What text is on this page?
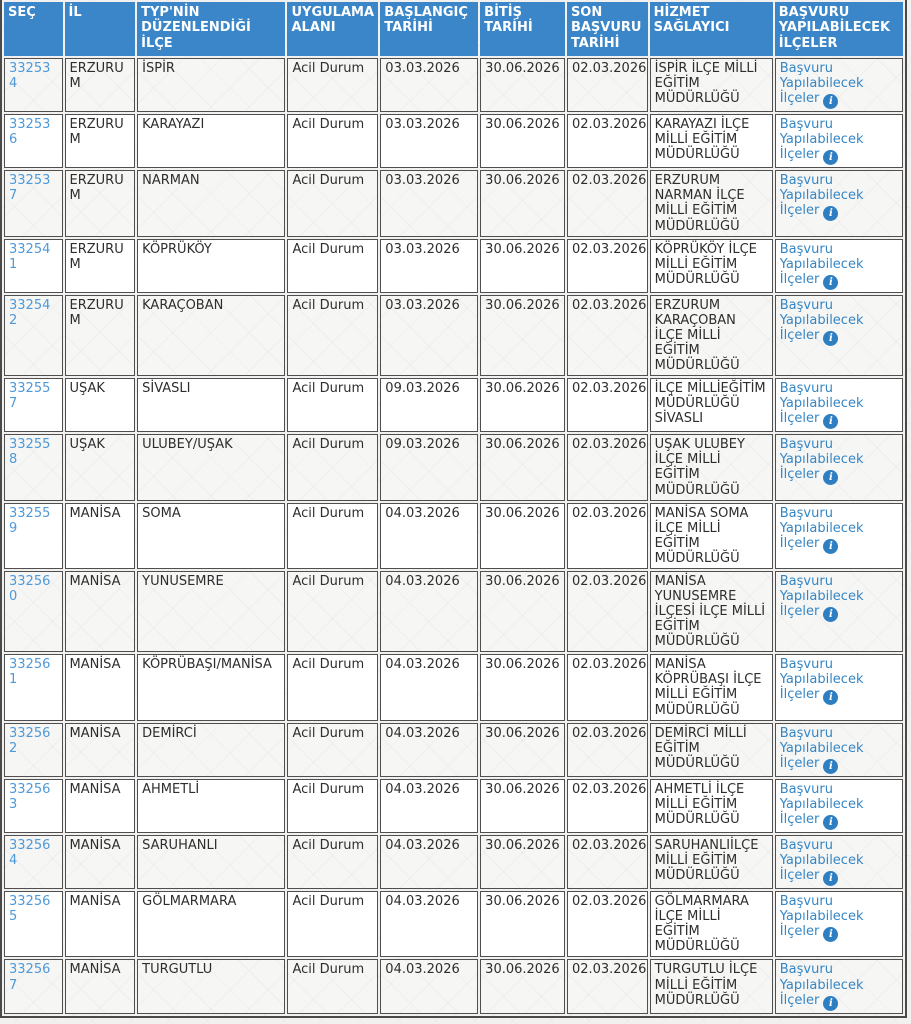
SEÇ	İL	TYP'NİN DÜZENLENDİĞİ İLÇE	UYGULAMA ALANI	BAŞLANGIÇ TARİHİ	BİTİŞ TARİHİ	SON BAŞVURU TARİHİ	HİZMET SAĞLAYICI	BAŞVURU YAPILABİLECEK İLÇELER
332534	ERZURUM	İSPİR	Acil Durum	03.03.2026	30.06.2026	02.03.2026	İSPİR İLÇE MİLLİ EĞİTİM MÜDÜRLÜĞÜ	Başvuru Yapılabilecek İlçeler i
332536	ERZURUM	KARAYAZI	Acil Durum	03.03.2026	30.06.2026	02.03.2026	KARAYAZI İLÇE MİLLİ EĞİTİM MÜDÜRLÜĞÜ	Başvuru Yapılabilecek İlçeler i
332537	ERZURUM	NARMAN	Acil Durum	03.03.2026	30.06.2026	02.03.2026	ERZURUM NARMAN İLÇE MİLLİ EĞİTİM MÜDÜRLÜĞÜ	Başvuru Yapılabilecek İlçeler i
332541	ERZURUM	KÖPRÜKÖY	Acil Durum	03.03.2026	30.06.2026	02.03.2026	KÖPRÜKÖY İLÇE MİLLİ EĞİTİM MÜDÜRLÜĞÜ	Başvuru Yapılabilecek İlçeler i
332542	ERZURUM	KARAÇOBAN	Acil Durum	03.03.2026	30.06.2026	02.03.2026	ERZURUM KARAÇOBAN İLÇE MİLLİ EĞİTİM MÜDÜRLÜĞÜ	Başvuru Yapılabilecek İlçeler i
332557	UŞAK	SİVASLI	Acil Durum	09.03.2026	30.06.2026	02.03.2026	İLÇE MİLLİEĞİTİM MÜDÜRLÜĞÜ SİVASLI	Başvuru Yapılabilecek İlçeler i
332558	UŞAK	ULUBEY/UŞAK	Acil Durum	09.03.2026	30.06.2026	02.03.2026	UŞAK ULUBEY İLÇE MİLLİ EĞİTİM MÜDÜRLÜĞÜ	Başvuru Yapılabilecek İlçeler i
332559	MANİSA	SOMA	Acil Durum	04.03.2026	30.06.2026	02.03.2026	MANİSA SOMA İLÇE MİLLİ EĞİTİM MÜDÜRLÜĞÜ	Başvuru Yapılabilecek İlçeler i
332560	MANİSA	YUNUSEMRE	Acil Durum	04.03.2026	30.06.2026	02.03.2026	MANİSA YUNUSEMRE İLÇESİ İLÇE MİLLİ EĞİTİM MÜDÜRLÜĞÜ	Başvuru Yapılabilecek İlçeler i
332561	MANİSA	KÖPRÜBAŞI/MANİSA	Acil Durum	04.03.2026	30.06.2026	02.03.2026	MANİSA KÖPRÜBAŞI İLÇE MİLLİ EĞİTİM MÜDÜRLÜĞÜ	Başvuru Yapılabilecek İlçeler i
332562	MANİSA	DEMİRCİ	Acil Durum	04.03.2026	30.06.2026	02.03.2026	DEMİRCİ MİLLİ EĞİTİM MÜDÜRLÜĞÜ	Başvuru Yapılabilecek İlçeler i
332563	MANİSA	AHMETLİ	Acil Durum	04.03.2026	30.06.2026	02.03.2026	AHMETLİ İLÇE MİLLİ EĞİTİM MÜDÜRLÜĞÜ	Başvuru Yapılabilecek İlçeler i
332564	MANİSA	SARUHANLI	Acil Durum	04.03.2026	30.06.2026	02.03.2026	SARUHANLIİLÇE MİLLİ EĞİTİM MÜDÜRLÜĞÜ	Başvuru Yapılabilecek İlçeler i
332565	MANİSA	GÖLMARMARA	Acil Durum	04.03.2026	30.06.2026	02.03.2026	GÖLMARMARA İLÇE MİLLİ EĞİTİM MÜDÜRLÜĞÜ	Başvuru Yapılabilecek İlçeler i
332567	MANİSA	TURGUTLU	Acil Durum	04.03.2026	30.06.2026	02.03.2026	TURGUTLU İLÇE MİLLİ EĞİTİM MÜDÜRLÜĞÜ	Başvuru Yapılabilecek İlçeler i
